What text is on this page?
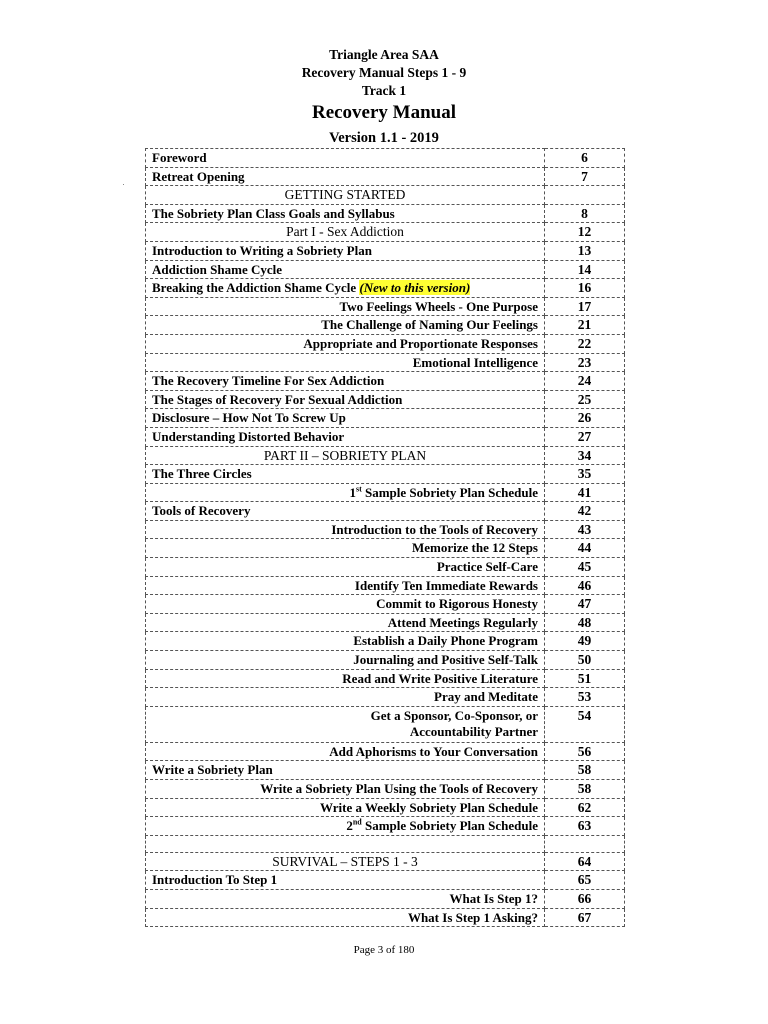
Triangle Area SAA
Recovery Manual Steps 1 - 9
Track 1
Recovery Manual
Version 1.1 - 2019
Foreword	6
Retreat Opening	7
GETTING STARTED	
The Sobriety Plan Class Goals and Syllabus	8
Part I - Sex Addiction	12
Introduction to Writing a Sobriety Plan	13
Addiction Shame Cycle	14
Breaking the Addiction Shame Cycle (New to this version)	16
Two Feelings Wheels - One Purpose	17
The Challenge of Naming Our Feelings	21
Appropriate and Proportionate Responses	22
Emotional Intelligence	23
The Recovery Timeline For Sex Addiction	24
The Stages of Recovery For Sexual Addiction	25
Disclosure – How Not To Screw Up	26
Understanding Distorted Behavior	27
PART II – SOBRIETY PLAN	34
The Three Circles	35
1st Sample Sobriety Plan Schedule	41
Tools of Recovery	42
Introduction to the Tools of Recovery	43
Memorize the 12 Steps	44
Practice Self-Care	45
Identify Ten Immediate Rewards	46
Commit to Rigorous Honesty	47
Attend Meetings Regularly	48
Establish a Daily Phone Program	49
Journaling and Positive Self-Talk	50
Read and Write Positive Literature	51
Pray and Meditate	53
Get a Sponsor, Co-Sponsor, or
Accountability Partner	54
Add Aphorisms to Your Conversation	56
Write a Sobriety Plan	58
Write a Sobriety Plan Using the Tools of Recovery	58
Write a Weekly Sobriety Plan Schedule	62
2nd Sample Sobriety Plan Schedule	63

SURVIVAL – STEPS 1 - 3	64
Introduction To Step 1	65
What Is Step 1?	66
What Is Step 1 Asking?	67
Page 3 of 180
